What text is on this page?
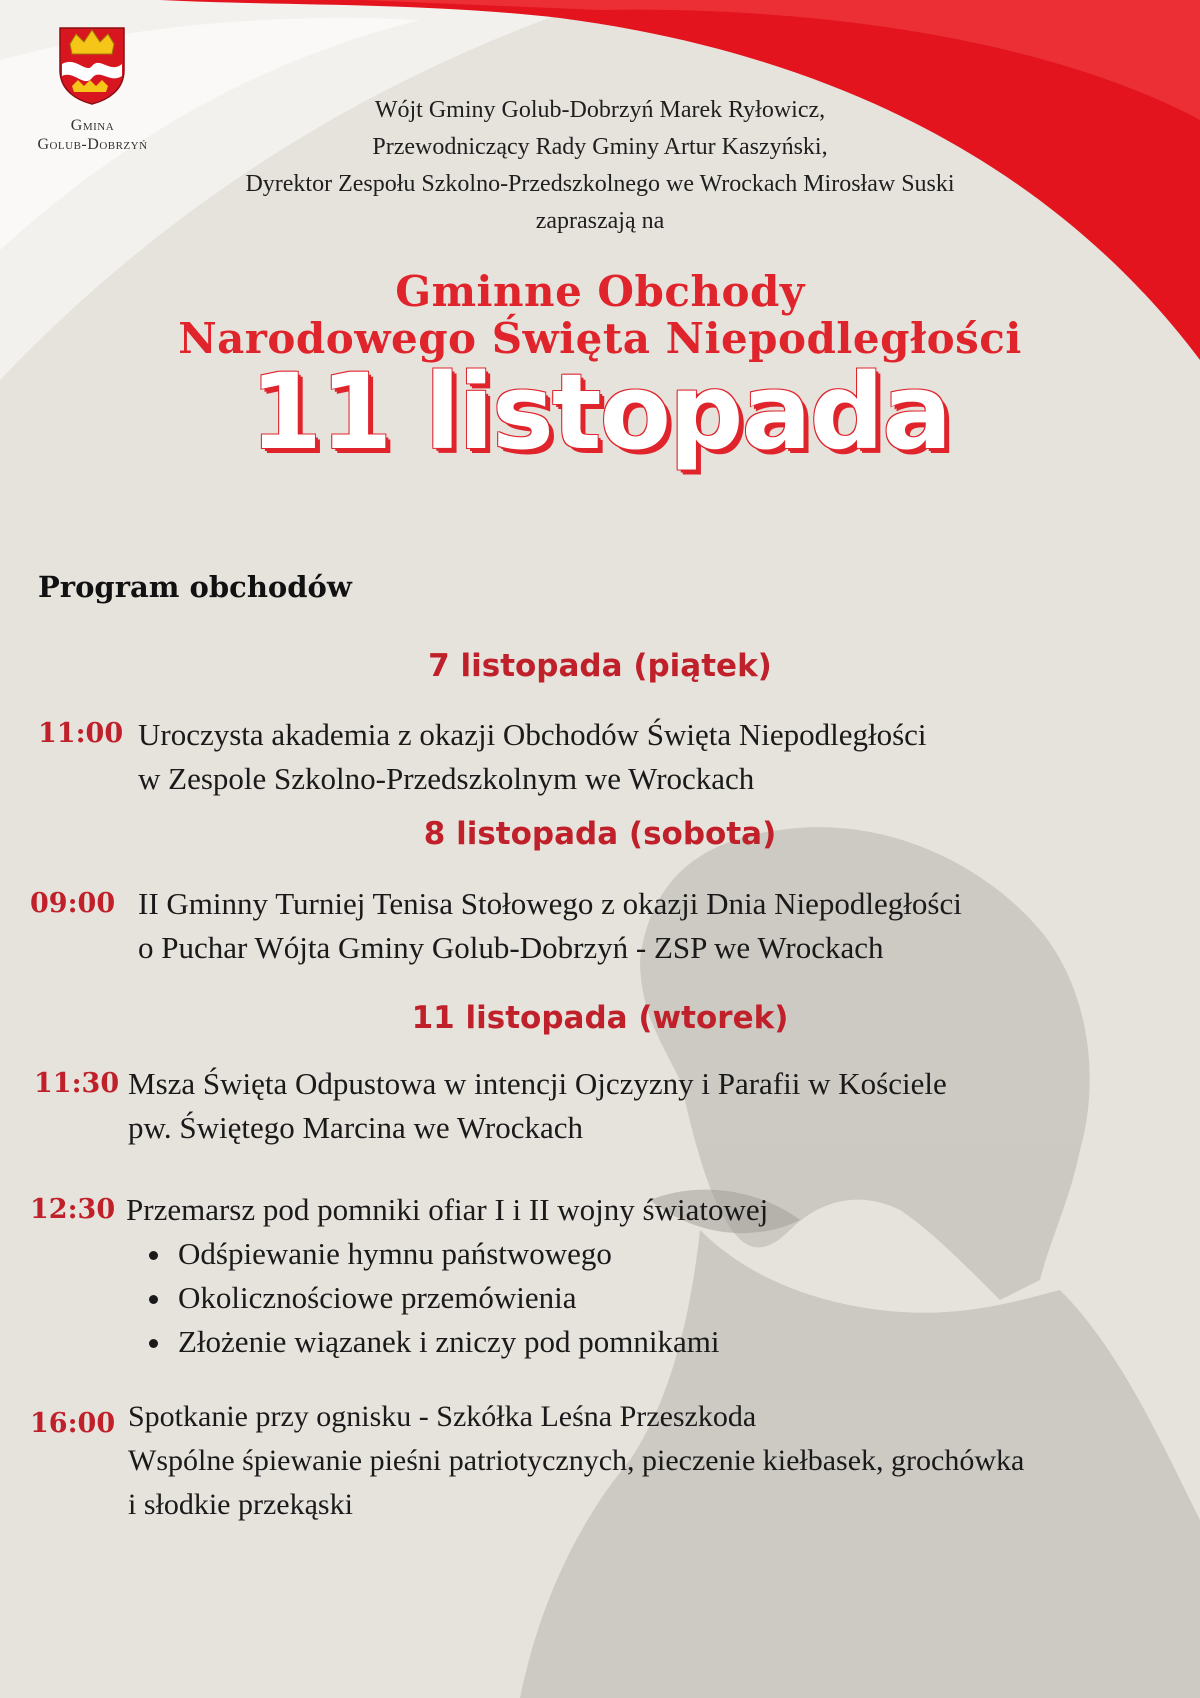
Gmina
Golub-Dobrzyń
Wójt Gminy Golub-Dobrzyń Marek Ryłowicz,
Przewodniczący Rady Gminy Artur Kaszyński,
Dyrektor Zespołu Szkolno-Przedszkolnego we Wrockach Mirosław Suski
zapraszają na
Gminne Obchody
Narodowego Święta Niepodległości
11 listopada
Program obchodów
7 listopada (piątek)
11:00 Uroczysta akademia z okazji Obchodów Święta Niepodległości
w Zespole Szkolno-Przedszkolnym we Wrockach
8 listopada (sobota)
09:00 II Gminny Turniej Tenisa Stołowego z okazji Dnia Niepodległości
o Puchar Wójta Gminy Golub-Dobrzyń - ZSP we Wrockach
11 listopada (wtorek)
11:30 Msza Święta Odpustowa w intencji Ojczyzny i Parafii w Kościele
pw. Świętego Marcina we Wrockach
12:30 Przemarsz pod pomniki ofiar I i II wojny światowej
• Odśpiewanie hymnu państwowego
• Okolicznościowe przemówienia
• Złożenie wiązanek i zniczy pod pomnikami
16:00 Spotkanie przy ognisku - Szkółka Leśna Przeszkoda
Wspólne śpiewanie pieśni patriotycznych, pieczenie kiełbasek, grochówka
i słodkie przekąski
